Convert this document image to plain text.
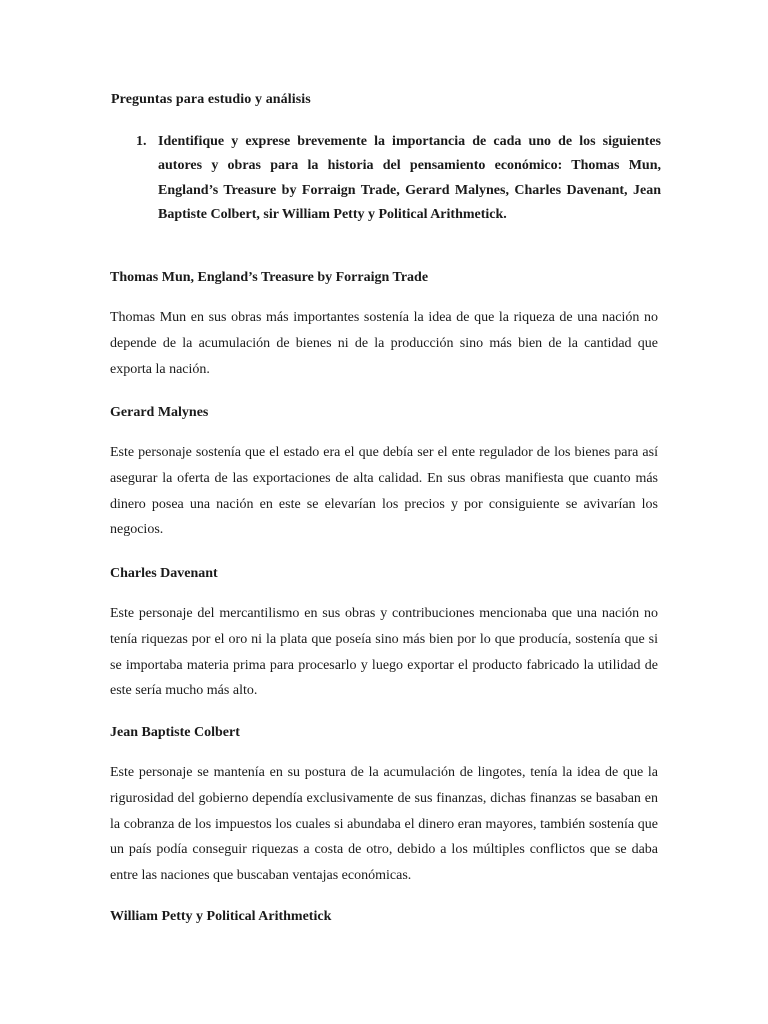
Preguntas para estudio y análisis
1. Identifique y exprese brevemente la importancia de cada uno de los siguientes autores y obras para la historia del pensamiento económico: Thomas Mun, England’s Treasure by Forraign Trade, Gerard Malynes, Charles Davenant, Jean Baptiste Colbert, sir William Petty y Political Arithmetick.

Thomas Mun, England’s Treasure by Forraign Trade

Thomas Mun en sus obras más importantes sostenía la idea de que la riqueza de una nación no depende de la acumulación de bienes ni de la producción sino más bien de la cantidad que exporta la nación.

Gerard Malynes

Este personaje sostenía que el estado era el que debía ser el ente regulador de los bienes para así asegurar la oferta de las exportaciones de alta calidad. En sus obras manifiesta que cuanto más dinero posea una nación en este se elevarían los precios y por consiguiente se avivarían los negocios.

Charles Davenant

Este personaje del mercantilismo en sus obras y contribuciones mencionaba que una nación no tenía riquezas por el oro ni la plata que poseía sino más bien por lo que producía, sostenía que si se importaba materia prima para procesarlo y luego exportar el producto fabricado la utilidad de este sería mucho más alto.

Jean Baptiste Colbert

Este personaje se mantenía en su postura de la acumulación de lingotes, tenía la idea de que la rigurosidad del gobierno dependía exclusivamente de sus finanzas, dichas finanzas se basaban en la cobranza de los impuestos los cuales si abundaba el dinero eran mayores, también sostenía que un país podía conseguir riquezas a costa de otro, debido a los múltiples conflictos que se daba entre las naciones que buscaban ventajas económicas.

William Petty y Political Arithmetick
